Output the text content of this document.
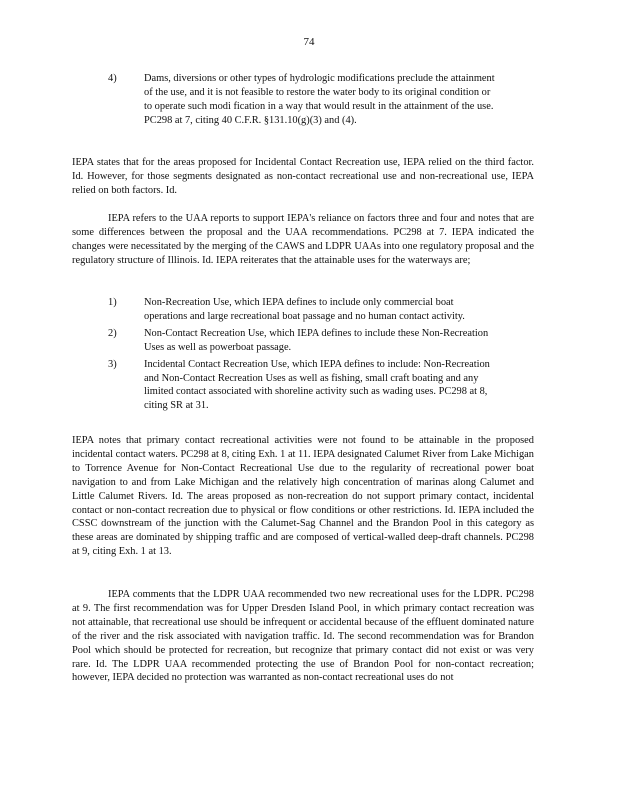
74
4)	Dams, diversions or other types of hydrologic modifications preclude the attainment of the use, and it is not feasible to restore the water body to its original condition or to operate such modi fication in a way that would result in the attainment of the use. PC298 at 7, citing 40 C.F.R. §131.10(g)(3) and (4).

IEPA states that for the areas proposed for Incidental Contact Recreation use, IEPA relied on the third factor. Id. However, for those segments designated as non-contact recreational use and non-recreational use, IEPA relied on both factors. Id.

IEPA refers to the UAA reports to support IEPA's reliance on factors three and four and notes that are some differences between the proposal and the UAA recommendations. PC298 at 7. IEPA indicated the changes were necessitated by the merging of the CAWS and LDPR UAAs into one regulatory proposal and the regulatory structure of Illinois. Id. IEPA reiterates that the attainable uses for the waterways are;

1)	Non-Recreation Use, which IEPA defines to include only commercial boat operations and large recreational boat passage and no human contact activity.
2)	Non-Contact Recreation Use, which IEPA defines to include these Non-Recreation Uses as well as powerboat passage.
3)	Incidental Contact Recreation Use, which IEPA defines to include: Non-Recreation and Non-Contact Recreation Uses as well as fishing, small craft boating and any limited contact associated with shoreline activity such as wading uses. PC298 at 8, citing SR at 31.

IEPA notes that primary contact recreational activities were not found to be attainable in the proposed incidental contact waters. PC298 at 8, citing Exh. 1 at 11. IEPA designated Calumet River from Lake Michigan to Torrence Avenue for Non-Contact Recreational Use due to the regularity of recreational power boat navigation to and from Lake Michigan and the relatively high concentration of marinas along Calumet and Little Calumet Rivers. Id. The areas proposed as non-recreation do not support primary contact, incidental contact or non-contact recreation due to physical or flow conditions or other restrictions. Id. IEPA included the CSSC downstream of the junction with the Calumet-Sag Channel and the Brandon Pool in this category as these areas are dominated by shipping traffic and are composed of vertical-walled deep-draft channels. PC298 at 9, citing Exh. 1 at 13.

IEPA comments that the LDPR UAA recommended two new recreational uses for the LDPR. PC298 at 9. The first recommendation was for Upper Dresden Island Pool, in which primary contact recreation was not attainable, that recreational use should be infrequent or accidental because of the effluent dominated nature of the river and the risk associated with navigation traffic. Id. The second recommendation was for Brandon Pool which should be protected for recreation, but recognize that primary contact did not exist or was very rare. Id. The LDPR UAA recommended protecting the use of Brandon Pool for non-contact recreation; however, IEPA decided no protection was warranted as non-contact recreational uses do not
